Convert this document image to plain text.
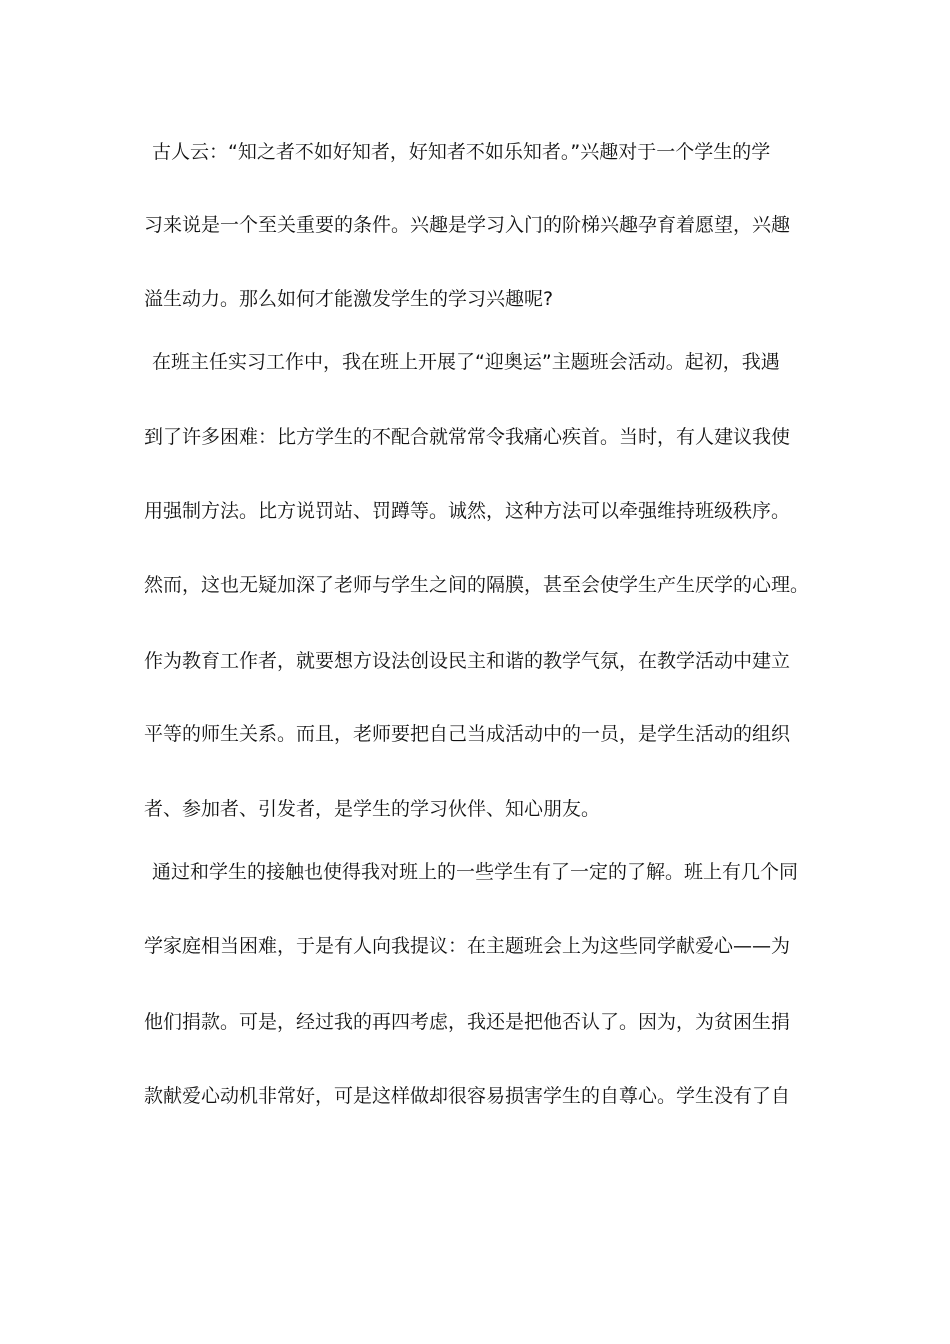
古人云：“知之者不如好知者，好知者不如乐知者。”兴趣对于一个学生的学
习来说是一个至关重要的条件。兴趣是学习入门的阶梯兴趣孕育着愿望，兴趣
溢生动力。那么如何才能激发学生的学习兴趣呢?
在班主任实习工作中，我在班上开展了“迎奥运”主题班会活动。起初，我遇
到了许多困难：比方学生的不配合就常常令我痛心疾首。当时，有人建议我使
用强制方法。比方说罚站、罚蹲等。诚然，这种方法可以牵强维持班级秩序。
然而，这也无疑加深了老师与学生之间的隔膜，甚至会使学生产生厌学的心理。
作为教育工作者，就要想方设法创设民主和谐的教学气氛，在教学活动中建立
平等的师生关系。而且，老师要把自己当成活动中的一员，是学生活动的组织
者、参加者、引发者，是学生的学习伙伴、知心朋友。
通过和学生的接触也使得我对班上的一些学生有了一定的了解。班上有几个同
学家庭相当困难，于是有人向我提议：在主题班会上为这些同学献爱心——为
他们捐款。可是，经过我的再四考虑，我还是把他否认了。因为，为贫困生捐
款献爱心动机非常好，可是这样做却很容易损害学生的自尊心。学生没有了自
